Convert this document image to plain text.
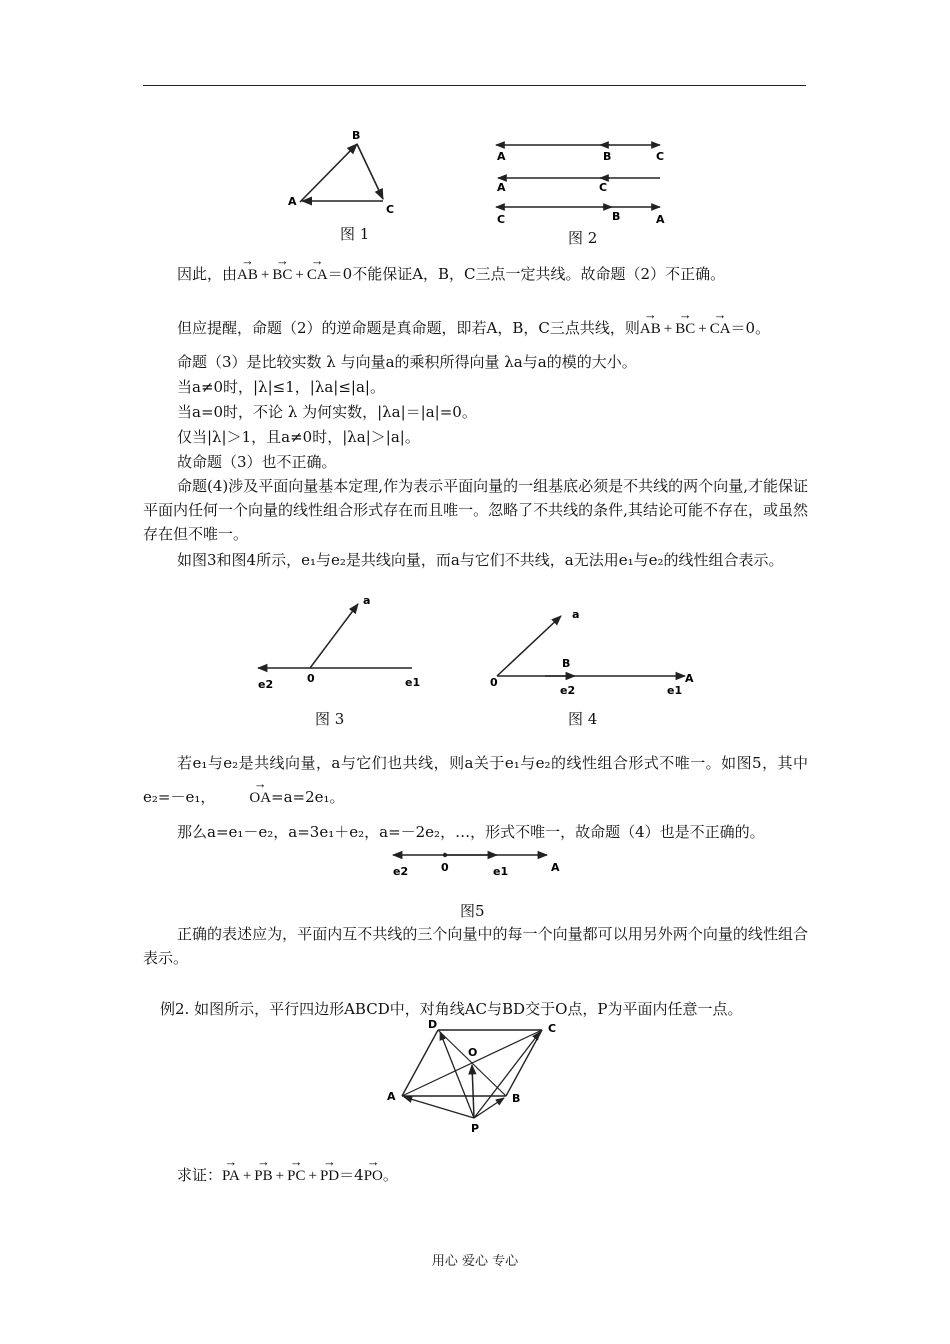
A
B
C
图 1
A	B	C
A	C
C	B	A
图 2
因此，由
→
AB +
→
BC +
→
CA＝0不能保证A，B，C三点一定共线。故命题（2）不正确。
但应提醒，命题（2）的逆命题是真命题，即若A，B，C三点共线，则
→
AB +
→
BC +
→
CA＝0。
命题（3）是比较实数 λ 与向量a的乘积所得向量 λa与a的模的大小。
当a≠0时，|λ|≤1，|λa|≤|a|。
当a=0时，不论 λ 为何实数，|λa|＝|a|=0。
仅当|λ|＞1，且a≠0时，|λa|＞|a|。
故命题（3）也不正确。
命题(4)涉及平面向量基本定理,作为表示平面向量的一组基底必须是不共线的两个向量,才能保证平面内任何一个向量的线性组合形式存在而且唯一。忽略了不共线的条件,其结论可能不存在，或虽然存在但不唯一。
如图3和图4所示，e₁与e₂是共线向量，而a与它们不共线，a无法用e₁与e₂的线性组合表示。
a
e2	0	e1
图 3
a
0
B
e2	e1
A
图 4
若e₁与e₂是共线向量，a与它们也共线，则a关于e₁与e₂的线性组合形式不唯一。如图5，其中e₂=－e₁，
→
OA=a=2e₁。
那么a=e₁－e₂，a=3e₁＋e₂，a=－2e₂，…，形式不唯一，故命题（4）也是不正确的。
e2	0	e1	A
图5
正确的表述应为，平面内互不共线的三个向量中的每一个向量都可以用另外两个向量的线性组合表示。
例2. 如图所示，平行四边形ABCD中，对角线AC与BD交于O点，P为平面内任意一点。
D	C
O
A	B
P
求证：
→
PA +
→
PB +
→
PC +
→
PD＝4
→
PO。
用心 爱心 专心
